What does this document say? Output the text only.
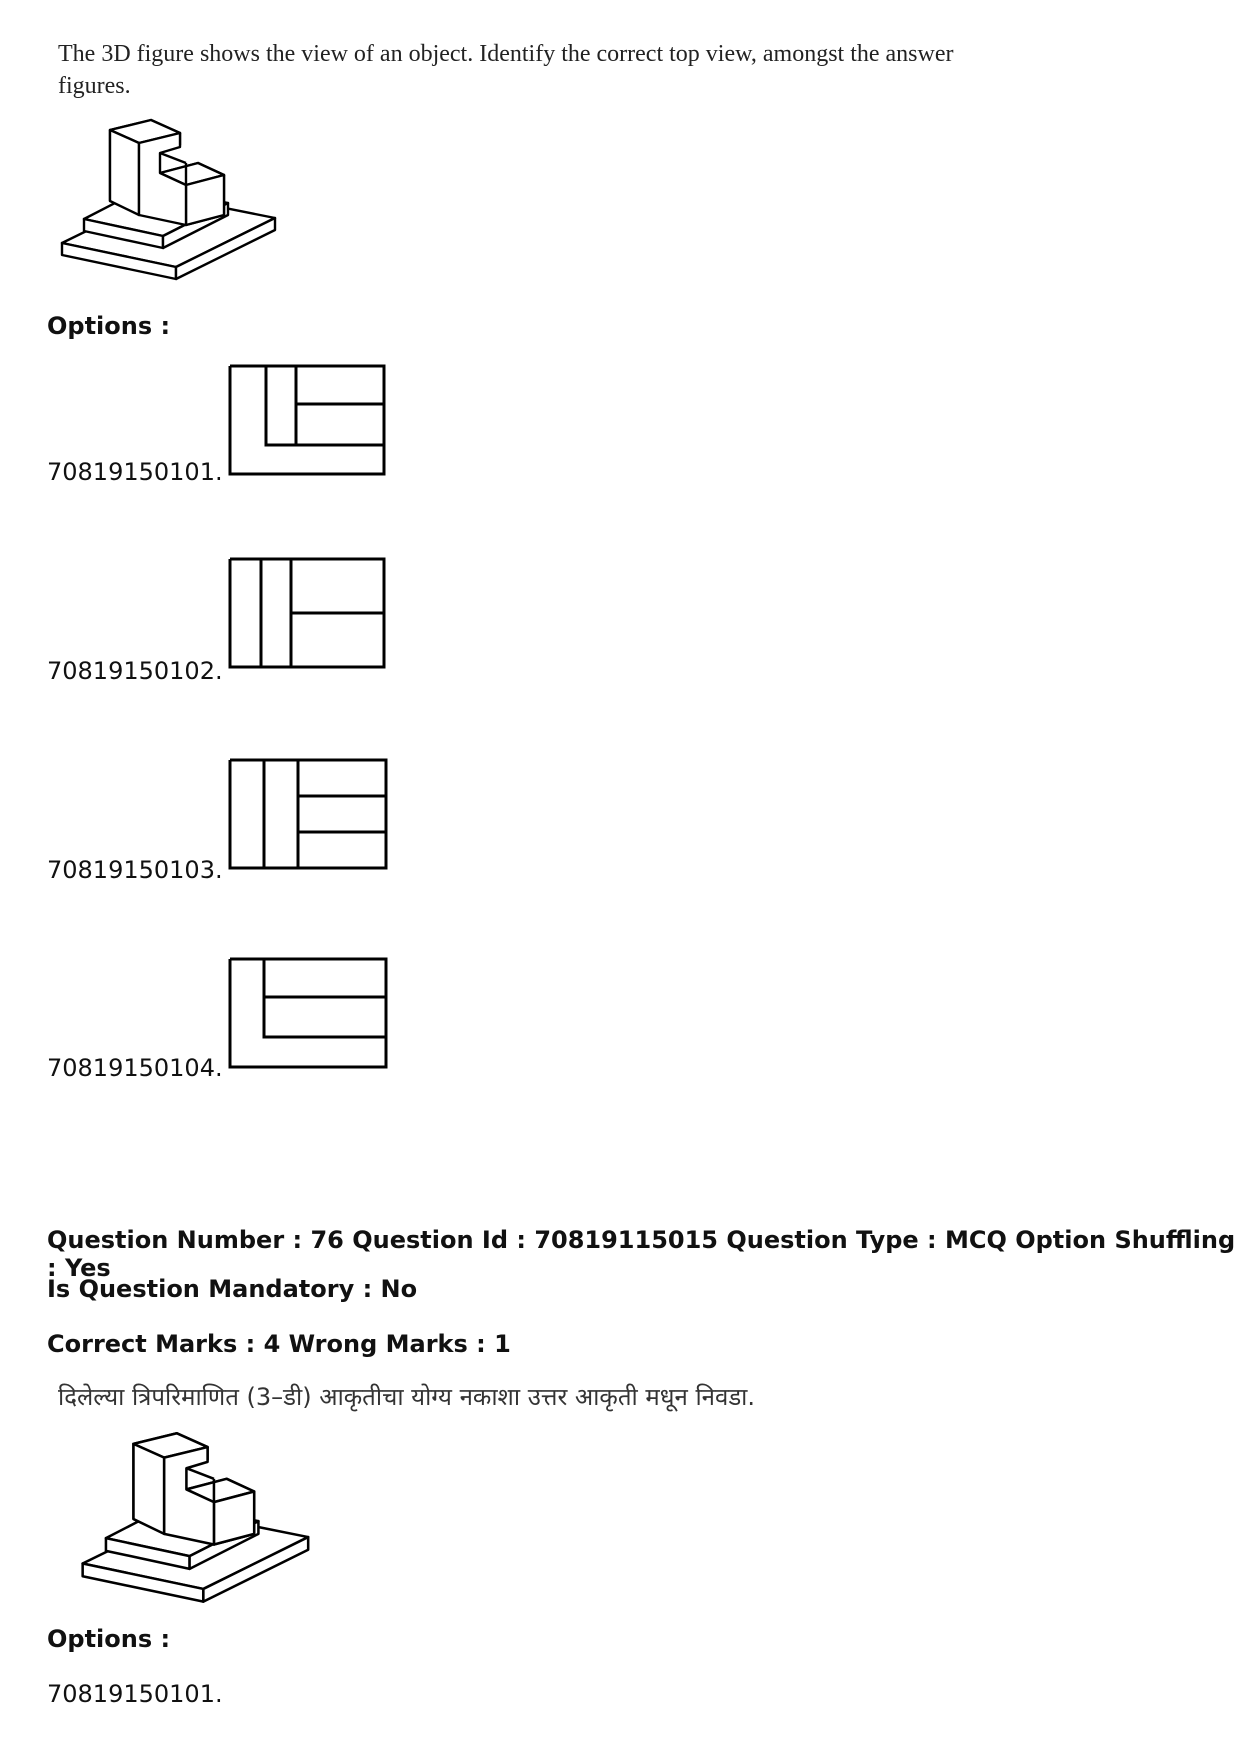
The 3D figure shows the view of an object. Identify the correct top view, amongst the answer
figures.
Options :
70819150101.
70819150102.
70819150103.
70819150104.
Question Number : 76 Question Id : 70819115015 Question Type : MCQ Option Shuffling : Yes
Is Question Mandatory : No
Correct Marks : 4 Wrong Marks : 1
दिलेल्या त्रिपरिमाणित (3–डी) आकृतीचा योग्य नकाशा उत्तर आकृती मधून निवडा.
Options :
70819150101.
